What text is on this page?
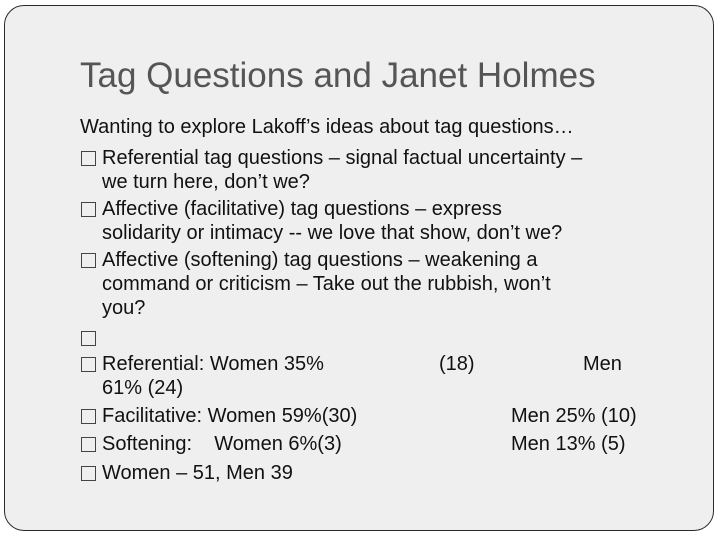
Tag Questions and Janet Holmes
Wanting to explore Lakoff’s ideas about tag questions…
Referential tag questions – signal factual uncertainty –
we turn here, don’t we?
Affective (facilitative) tag questions – express
solidarity or intimacy -- we love that show, don’t we?
Affective (softening) tag questions – weakening a
command or criticism – Take out the rubbish, won’t
you?
Referential: Women 35%	(18)	Men
61% (24)
Facilitative: Women 59%(30)	Men 25% (10)
Softening:    Women 6%(3)	Men 13% (5)
Women – 51, Men 39
